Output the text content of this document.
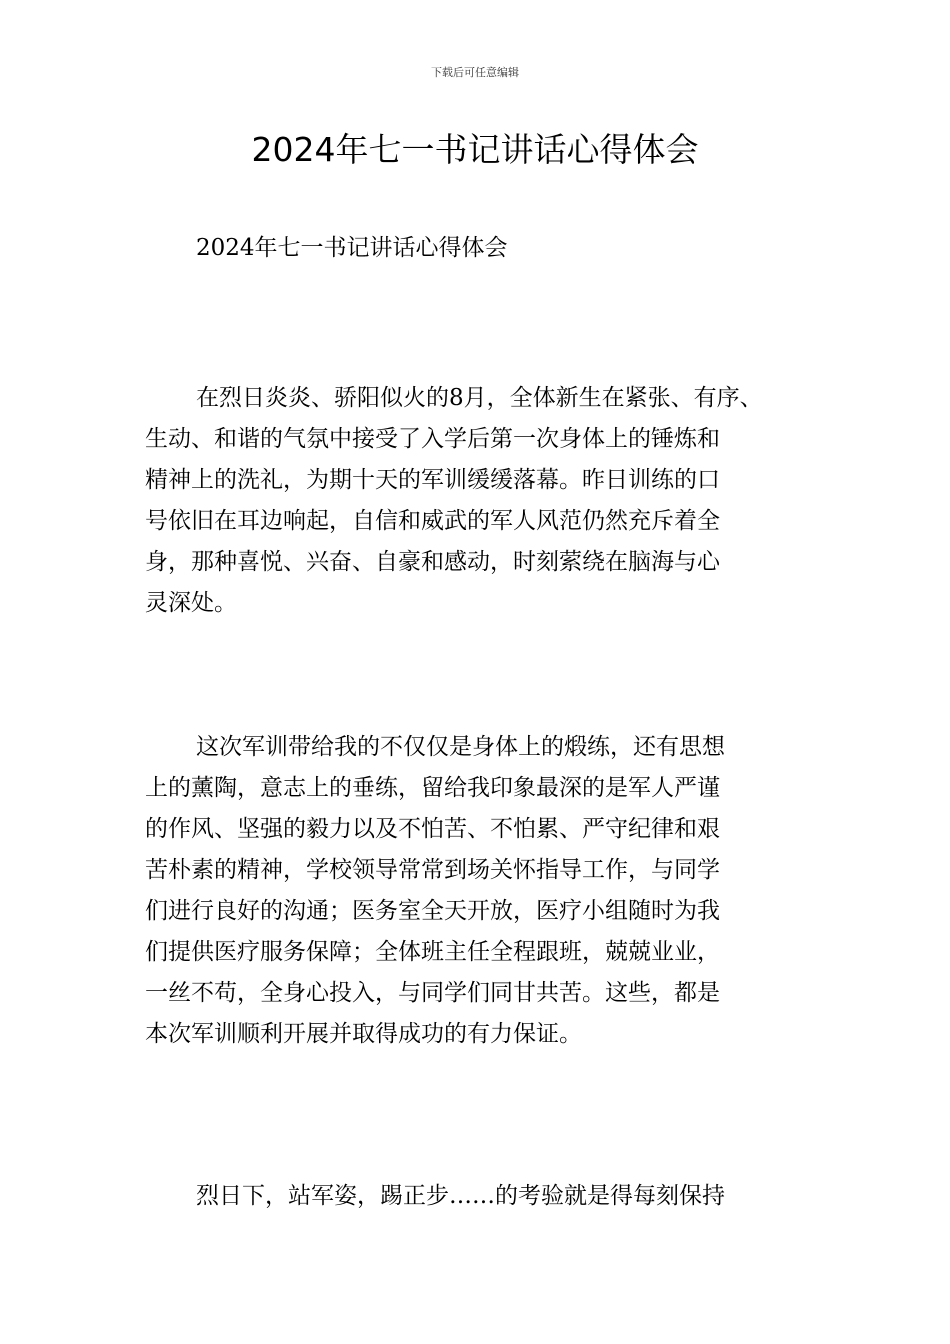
下载后可任意编辑
2024年七一书记讲话心得体会
2024年七一书记讲话心得体会
在烈日炎炎、骄阳似火的8月，全体新生在紧张、有序、
生动、和谐的气氛中接受了入学后第一次身体上的锤炼和
精神上的洗礼，为期十天的军训缓缓落幕。昨日训练的口
号依旧在耳边响起，自信和威武的军人风范仍然充斥着全
身，那种喜悦、兴奋、自豪和感动，时刻萦绕在脑海与心
灵深处。
这次军训带给我的不仅仅是身体上的煅练，还有思想
上的薰陶，意志上的垂练，留给我印象最深的是军人严谨
的作风、坚强的毅力以及不怕苦、不怕累、严守纪律和艰
苦朴素的精神，学校领导常常到场关怀指导工作，与同学
们进行良好的沟通；医务室全天开放，医疗小组随时为我
们提供医疗服务保障；全体班主任全程跟班，兢兢业业，
一丝不苟，全身心投入，与同学们同甘共苦。这些，都是
本次军训顺利开展并取得成功的有力保证。
烈日下，站军姿，踢正步……的考验就是得每刻保持
